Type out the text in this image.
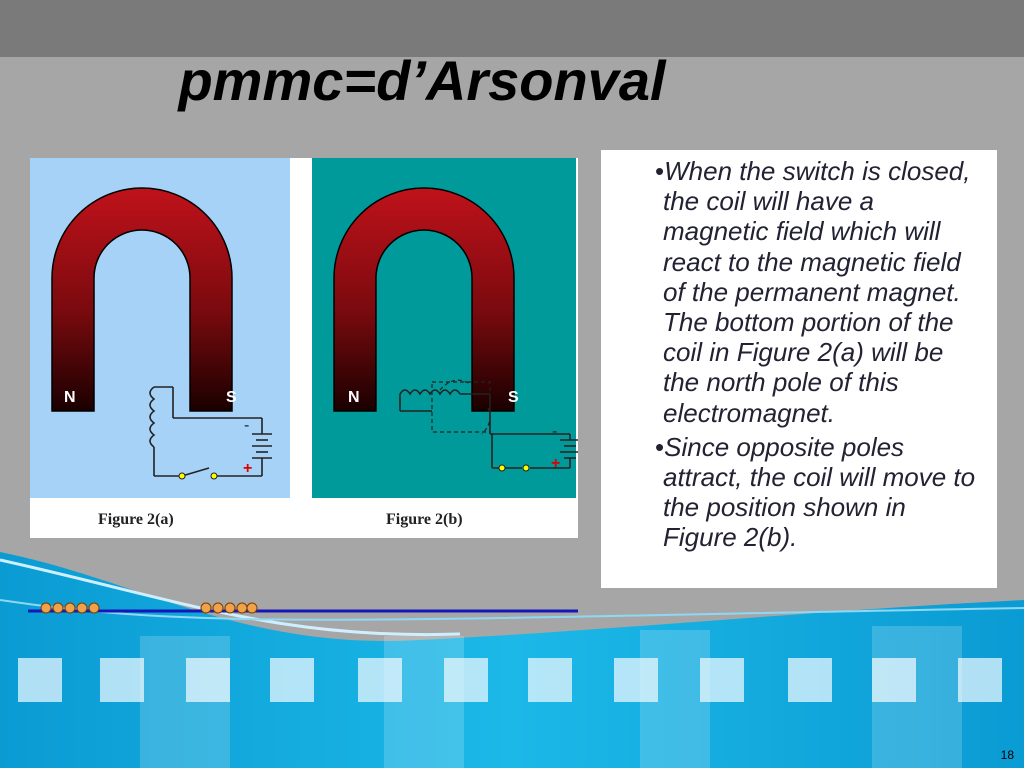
pmmc=d’Arsonval
N	S
-
+
Figure 2(a)
N	S
-
+
Figure 2(b)
•When the switch is closed, the coil will have a magnetic field which will react to the magnetic field of the permanent magnet. The bottom portion of the coil in Figure 2(a) will be the north pole of this electromagnet.
•Since opposite poles attract, the coil will move to the position shown in Figure 2(b).
18
